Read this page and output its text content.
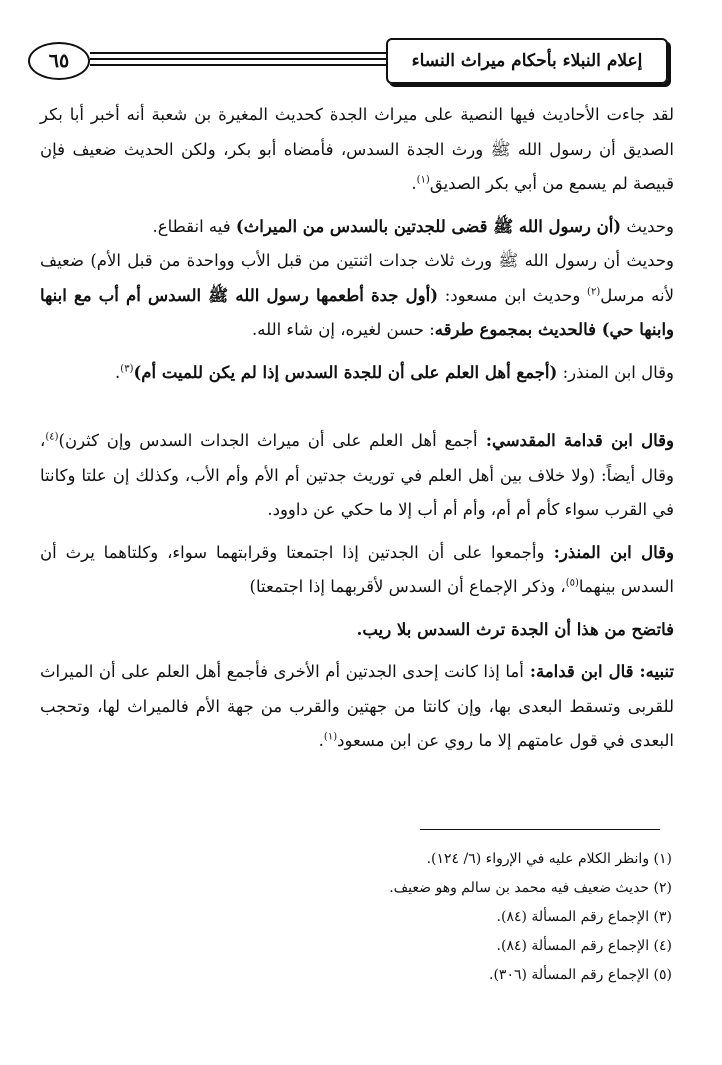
٦٥	إعلام النبلاء بأحكام ميراث النساء

لقد جاءت الأحاديث فيها النصية على ميراث الجدة كحديث المغيرة بن شعبة أنه أخبر أبا بكر الصديق أن رسول الله ﷺ ورث الجدة السدس، فأمضاه أبو بكر، ولكن الحديث ضعيف فإن قبيصة لم يسمع من أبي بكر الصديق$^{(١)}$.

وحديث (أن رسول الله ﷺ قضى للجدتين بالسدس من الميراث) فيه انقطاع.

وحديث أن رسول الله ﷺ ورث ثلاث جدات اثنتين من قبل الأب وواحدة من قبل الأم) ضعيف لأنه مرسل$^{(٢)}$ وحديث ابن مسعود: (أول جدة أطعمها رسول الله ﷺ السدس أم أب مع ابنها وابنها حي) فالحديث بمجموع طرقه: حسن لغيره، إن شاء الله.

وقال ابن المنذر: (أجمع أهل العلم على أن للجدة السدس إذا لم يكن للميت أم)$^{(٣)}$.

وقال ابن قدامة المقدسي: أجمع أهل العلم على أن ميراث الجدات السدس وإن كثرن)$^{(٤)}$، وقال أيضاً: (ولا خلاف بين أهل العلم في توريث جدتين أم الأم وأم الأب، وكذلك إن علتا وكانتا في القرب سواء كأم أم أم، وأم أم أب إلا ما حكي عن داوود.

وقال ابن المنذر: وأجمعوا على أن الجدتين إذا اجتمعتا وقرابتهما سواء، وكلتاهما يرث أن السدس بينهما$^{(٥)}$، وذكر الإجماع أن السدس لأقربهما إذا اجتمعتا)

فاتضح من هذا أن الجدة ترث السدس بلا ريب.

تنبيه: قال ابن قدامة: أما إذا كانت إحدى الجدتين أم الأخرى فأجمع أهل العلم على أن الميراث للقربى وتسقط البعدى بها، وإن كانتا من جهتين والقرب من جهة الأم فالميراث لها، وتحجب البعدى في قول عامتهم إلا ما روي عن ابن مسعود$^{(١)}$.

(١) وانظر الكلام عليه في الإرواء (٦/ ١٢٤).

(٢) حديث ضعيف فيه محمد بن سالم وهو ضعيف.

(٣) الإجماع رقم المسألة (٨٤).

(٤) الإجماع رقم المسألة (٨٤).

(٥) الإجماع رقم المسألة (٣٠٦).
